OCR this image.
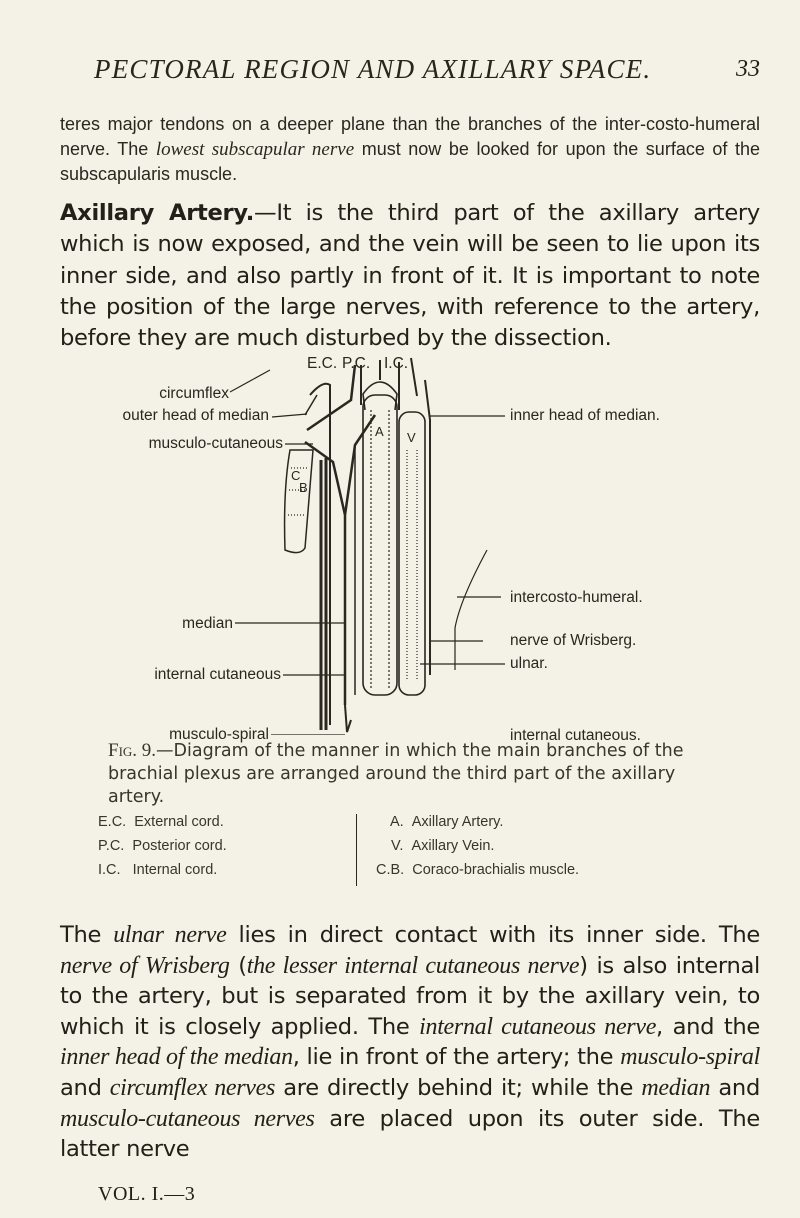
PECTORAL REGION AND AXILLARY SPACE.	33
teres major tendons on a deeper plane than the branches of the inter-costo-humeral nerve. The lowest subscapular nerve must now be looked for upon the surface of the subscapularis muscle.
Axillary Artery.—It is the third part of the axillary artery which is now exposed, and the vein will be seen to lie upon its inner side, and also partly in front of it. It is important to note the position of the large nerves, with reference to the artery, before they are much disturbed by the dissection.
C
B
V
A
E.C. P.C. I.C.
circumflex
outer head of median
musculo-cutaneous
median
internal cutaneous
musculo-spiral
inner head of median.
intercosto-humeral.
nerve of Wrisberg.
ulnar.
internal cutaneous.
Fig. 9.—Diagram of the manner in which the main branches of the brachial plexus are arranged around the third part of the axillary artery.
E.C. External cord.
P.C. Posterior cord.
I.C. Internal cord.
A. Axillary Artery.
V. Axillary Vein.
C.B. Coraco-brachialis muscle.
The ulnar nerve lies in direct contact with its inner side. The nerve of Wrisberg (the lesser internal cutaneous nerve) is also internal to the artery, but is separated from it by the axillary vein, to which it is closely applied. The internal cutaneous nerve, and the inner head of the median, lie in front of the artery; the musculo-spiral and circumflex nerves are directly behind it; while the median and musculo-cutaneous nerves are placed upon its outer side. The latter nerve
VOL. I.—3
